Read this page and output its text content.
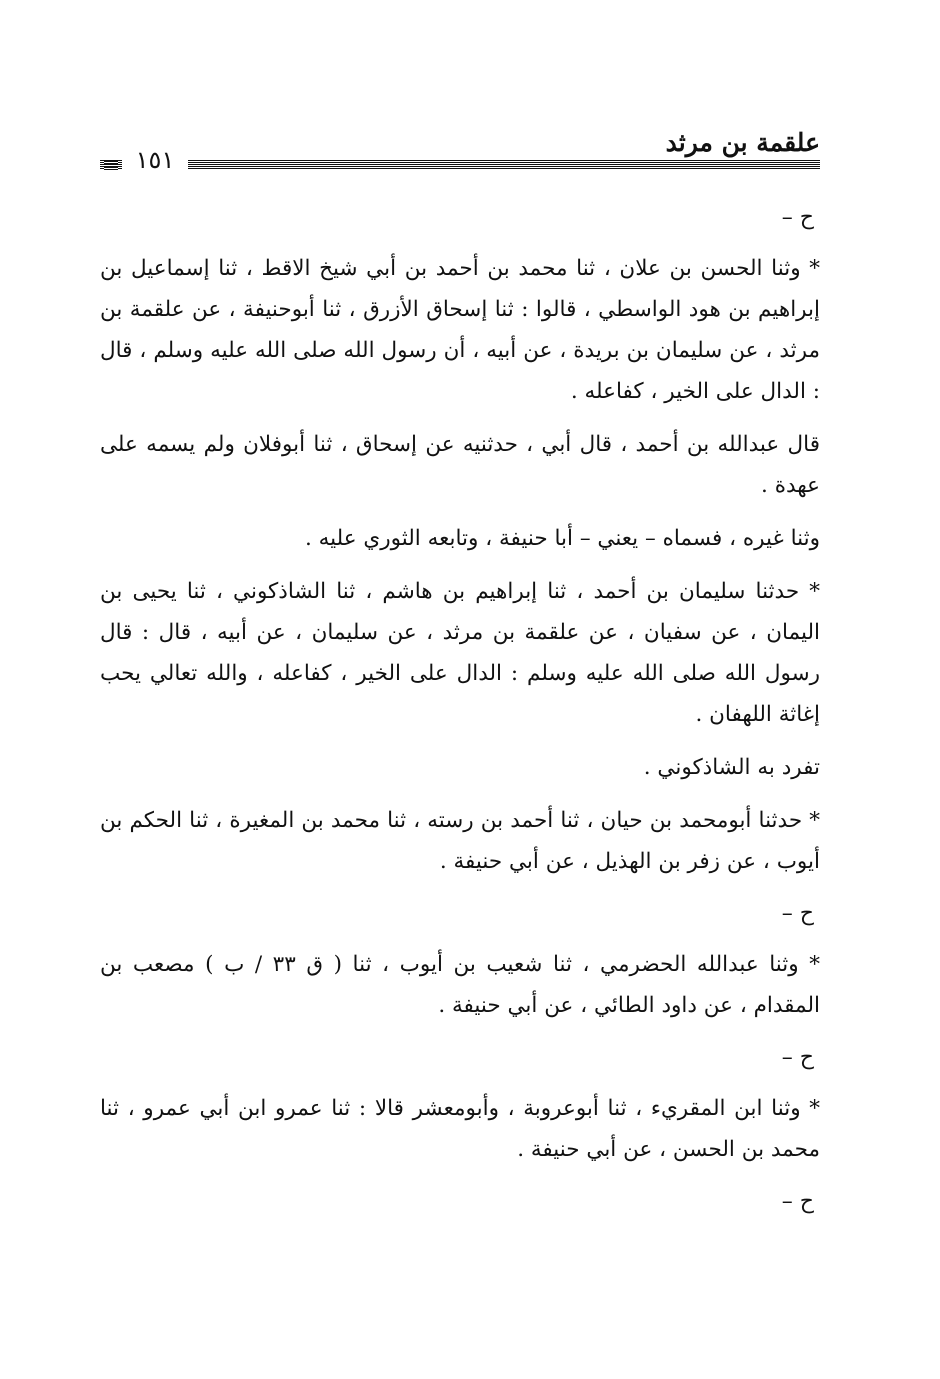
علقمة بن مرثد
١٥١
ح –

* وثنا الحسن بن علان ، ثنا محمد بن أحمد بن أبي شيخ الاقط ، ثنا إسماعيل بن إبراهيم بن هود الواسطي ، قالوا : ثنا إسحاق الأزرق ، ثنا أبوحنيفة ، عن علقمة بن مرثد ، عن سليمان بن بريدة ، عن أبيه ، أن رسول الله صلى الله عليه وسلم ، قال : الدال على الخير ، كفاعله .

قال عبدالله بن أحمد ، قال أبي ، حدثنيه عن إسحاق ، ثنا أبوفلان ولم يسمه على عهدة .

وثنا غيره ، فسماه – يعني – أبا حنيفة ، وتابعه الثوري عليه .

* حدثنا سليمان بن أحمد ، ثنا إبراهيم بن هاشم ، ثنا الشاذكوني ، ثنا يحيى بن اليمان ، عن سفيان ، عن علقمة بن مرثد ، عن سليمان ، عن أبيه ، قال : قال رسول الله صلى الله عليه وسلم : الدال على الخير ، كفاعله ، والله تعالي يحب إغاثة اللهفان .

تفرد به الشاذكوني .

* حدثنا أبومحمد بن حيان ، ثنا أحمد بن رسته ، ثنا محمد بن المغيرة ، ثنا الحكم بن أيوب ، عن زفر بن الهذيل ، عن أبي حنيفة .

ح –

* وثنا عبدالله الحضرمي ، ثنا شعيب بن أيوب ، ثنا ( ق ٣٣ / ب ) مصعب بن المقدام ، عن داود الطائي ، عن أبي حنيفة .

ح –

* وثنا ابن المقريء ، ثنا أبوعروبة ، وأبومعشر قالا : ثنا عمرو ابن أبي عمرو ، ثنا محمد بن الحسن ، عن أبي حنيفة .

ح –
